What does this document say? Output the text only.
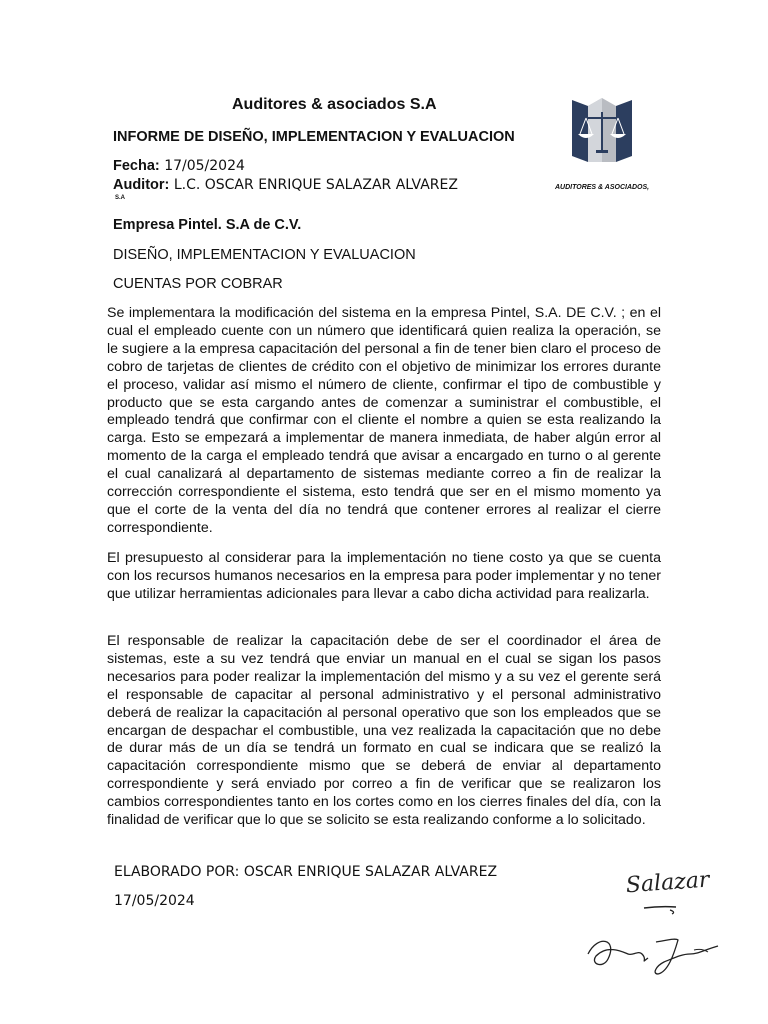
Auditores & asociados S.A
INFORME DE DISEÑO, IMPLEMENTACION Y EVALUACION
Fecha: 17/05/2024
Auditor: L.C. OSCAR ENRIQUE SALAZAR ALVAREZ
S.A
AUDITORES & ASOCIADOS,
Empresa Pintel. S.A de C.V.
DISEÑO, IMPLEMENTACION Y EVALUACION
CUENTAS POR COBRAR

Se implementara la modificación del sistema en la empresa Pintel, S.A. DE C.V. ; en el cual el empleado cuente con un número que identificará quien realiza la operación, se le sugiere a la empresa capacitación del personal a fin de tener bien claro el proceso de cobro de tarjetas de clientes de crédito con el objetivo de minimizar los errores durante el proceso, validar así mismo el número de cliente, confirmar el tipo de combustible y producto que se esta cargando antes de comenzar a suministrar el combustible, el empleado tendrá que confirmar con el cliente el nombre a quien se esta realizando la carga. Esto se empezará a implementar de manera inmediata, de haber algún error al momento de la carga el empleado tendrá que avisar a encargado en turno o al gerente el cual canalizará al departamento de sistemas mediante correo a fin de realizar la corrección correspondiente el sistema, esto tendrá que ser en el mismo momento ya que el corte de la venta del día no tendrá que contener errores al realizar el cierre correspondiente.

El presupuesto al considerar para la implementación no tiene costo ya que se cuenta con los recursos humanos necesarios en la empresa para poder implementar y no tener que utilizar herramientas adicionales para llevar a cabo dicha actividad para realizarla.

El responsable de realizar la capacitación debe de ser el coordinador el área de sistemas, este a su vez tendrá que enviar un manual en el cual se sigan los pasos necesarios para poder realizar la implementación del mismo y a su vez el gerente será el responsable de capacitar al personal administrativo y el personal administrativo deberá de realizar la capacitación al personal operativo que son los empleados que se encargan de despachar el combustible, una vez realizada la capacitación que no debe de durar más de un día se tendrá un formato en cual se indicara que se realizó la capacitación correspondiente mismo que se deberá de enviar al departamento correspondiente y será enviado por correo a fin de verificar que se realizaron los cambios correspondientes tanto en los cortes como en los cierres finales del día, con la finalidad de verificar que lo que se solicito se esta realizando conforme a lo solicitado.

ELABORADO POR: OSCAR ENRIQUE SALAZAR ALVAREZ
17/05/2024
Salazar
